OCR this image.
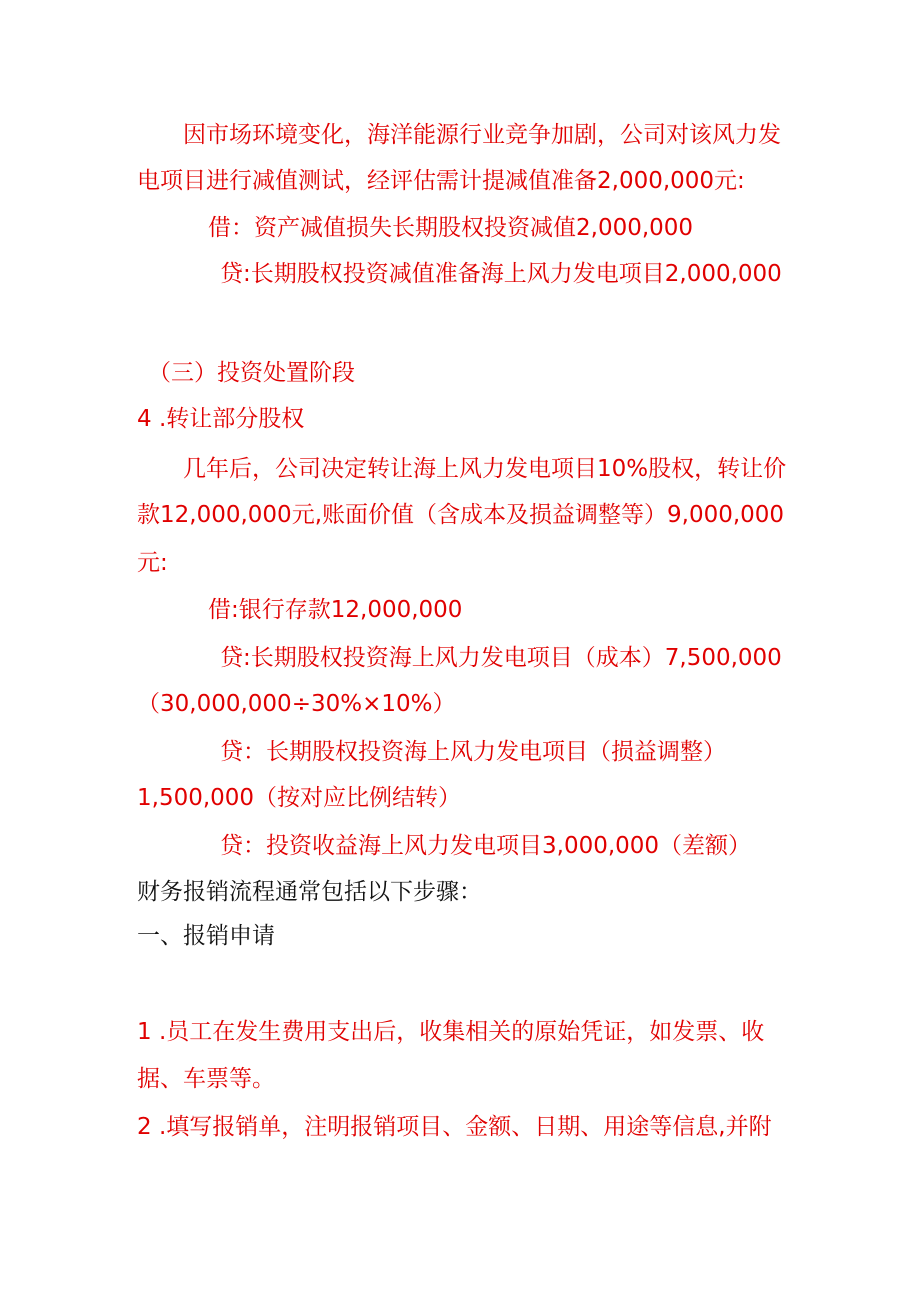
因市场环境变化，海洋能源行业竞争加剧，公司对该风力发

电项目进行减值测试，经评估需计提减值准备2,000,000元:

借：资产减值损失长期股权投资减值2,000,000

贷:长期股权投资减值准备海上风力发电项目2,000,000

（三）投资处置阶段

4 .转让部分股权

几年后，公司决定转让海上风力发电项目10%股权，转让价

款12,000,000元,账面价值（含成本及损益调整等）9,000,000

元:

借:银行存款12,000,000

贷:长期股权投资海上风力发电项目（成本）7,500,000

（30,000,000÷30%×10%）

贷：长期股权投资海上风力发电项目（损益调整）

1,500,000（按对应比例结转）

贷：投资收益海上风力发电项目3,000,000（差额）

财务报销流程通常包括以下步骤：

一、报销申请

1 .员工在发生费用支出后，收集相关的原始凭证，如发票、收

据、车票等。

2 .填写报销单，注明报销项目、金额、日期、用途等信息,并附
